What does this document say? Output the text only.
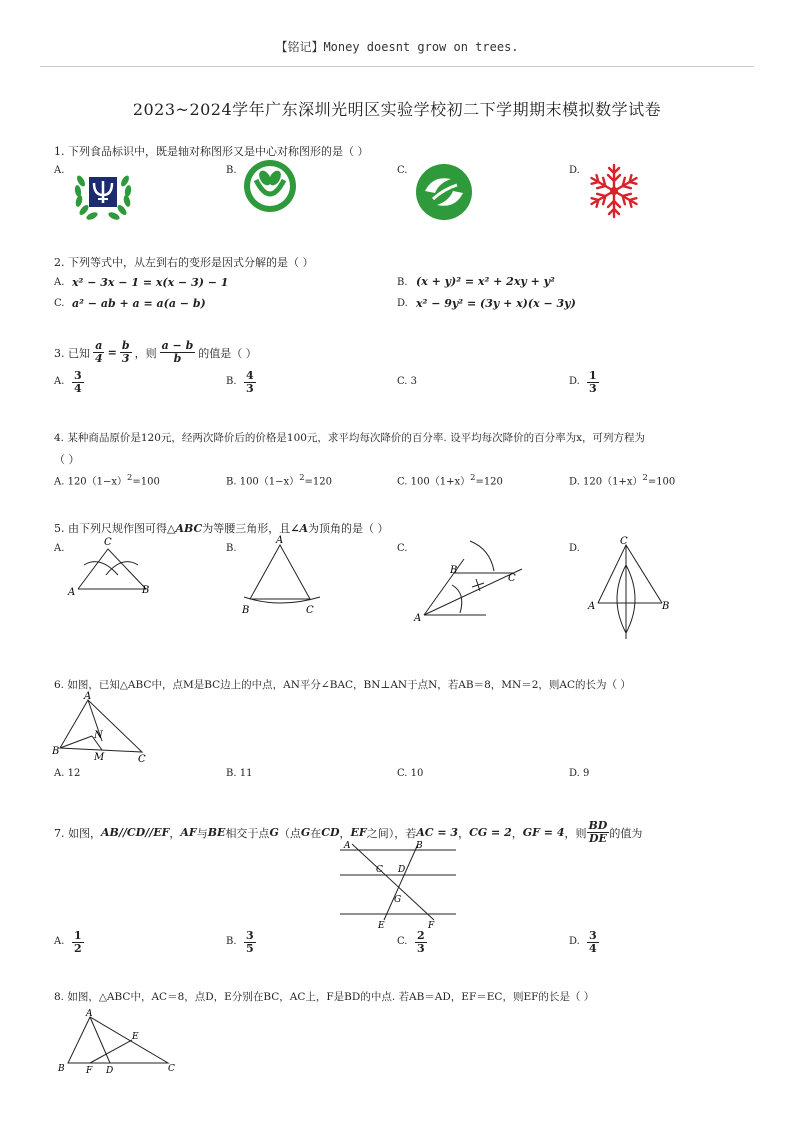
【铭记】Money doesnt grow on trees.
2023~2024学年广东深圳光明区实验学校初二下学期期末模拟数学试卷
1. 下列食品标识中，既是轴对称图形又是中心对称图形的是（ ）
A.	B.	C.	D.
2. 下列等式中，从左到右的变形是因式分解的是（ ）
A. x² − 3x − 1 = x(x − 3) − 1	B. (x + y)² = x² + 2xy + y²
C. a² − ab + a = a(a − b)	D. x² − 9y² = (3y + x)(x − 3y)
3. 已知 $\frac{a}{4} = \frac{b}{3}$ ，则 $\frac{a - b}{b}$ 的值是（ ）
A. $\frac{3}{4}$	B. $\frac{4}{3}$	C. 3	D. $\frac{1}{3}$
4. 某种商品原价是120元，经两次降价后的价格是100元，求平均每次降价的百分率. 设平均每次降价的百分率为x，可列方程为
（ ）
A. $120(1-x)^2=100$	B. $100(1-x)^2=120$	C. $100(1+x)^2=120$	D. $120(1+x)^2=100$
5. 由下列尺规作图可得△ABC为等腰三角形，且∠A为顶角的是（ ）
A.	B.	C.	D.
C
A	B
A
B	C
B
C
A
C
A	B
6. 如图，已知△ABC中，点M是BC边上的中点，AN平分∠BAC，BN⊥AN于点N，若AB＝8，MN＝2，则AC的长为（ ）
A
B
C
N
M
A. 12	B. 11	C. 10	D. 9
7. 如图， AB//CD//EF ， AF 与 BE 相交于点 G （点 G 在 CD ， EF 之间），若 AC = 3 ， CG = 2 ， GF = 4 ，则 $\frac{BD}{DE}$ 的值为
A	B
C D
G
E	F
A. $\frac{1}{2}$	B. $\frac{3}{5}$	C. $\frac{2}{3}$	D. $\frac{3}{4}$
8. 如图，△ABC中，AC＝8，点D，E分别在BC，AC上，F是BD的中点. 若AB＝AD，EF＝EC，则EF的长是（ ）
A
B	C
D
E
F
